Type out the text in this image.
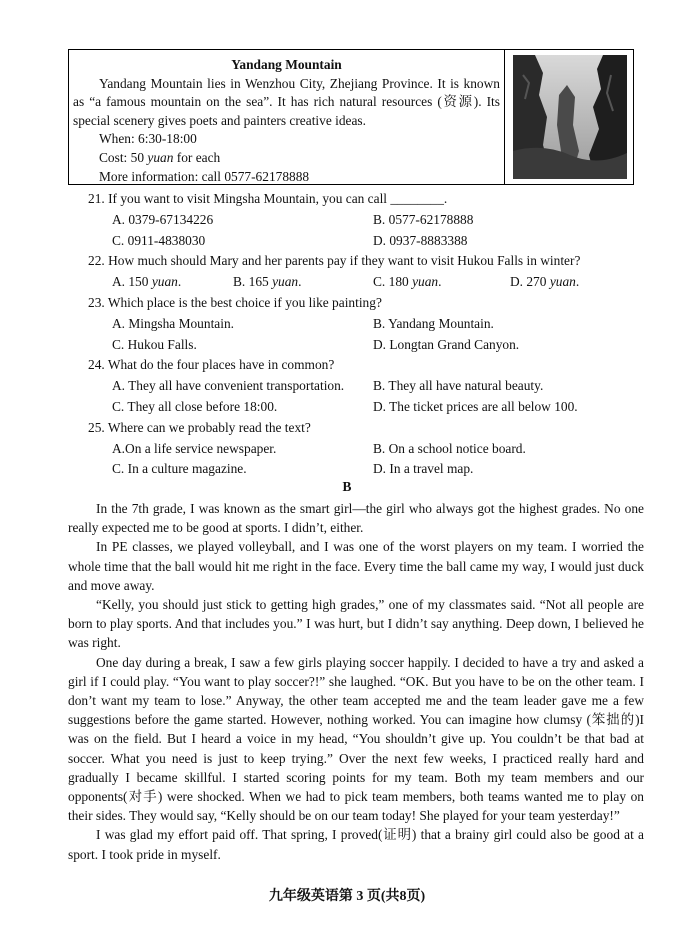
Yandang Mountain
Yandang Mountain lies in Wenzhou City, Zhejiang Province. It is known as “a famous mountain on the sea”. It has rich natural resources (资源). Its special scenery gives poets and painters creative ideas.
When: 6:30-18:00
Cost: 50 yuan for each
More information: call 0577-62178888
21. If you want to visit Mingsha Mountain, you can call ________.
A. 0379-67134226	B. 0577-62178888
C. 0911-4838030	D. 0937-8883388
22. How much should Mary and her parents pay if they want to visit Hukou Falls in winter?
A. 150 yuan.	B. 165 yuan.	C. 180 yuan.	D. 270 yuan.
23. Which place is the best choice if you like painting?
A. Mingsha Mountain.	B. Yandang Mountain.
C. Hukou Falls.	D. Longtan Grand Canyon.
24. What do the four places have in common?
A. They all have convenient transportation. B. They all have natural beauty.
C. They all close before 18:00.	D. The ticket prices are all below 100.
25. Where can we probably read the text?
A.On a life service newspaper.	B. On a school notice board.
C. In a culture magazine.	D. In a travel map.
B

In the 7th grade, I was known as the smart girl—the girl who always got the highest grades. No one really expected me to be good at sports. I didn’t, either.

In PE classes, we played volleyball, and I was one of the worst players on my team. I worried the whole time that the ball would hit me right in the face. Every time the ball came my way, I would just duck and move away.

“Kelly, you should just stick to getting high grades,” one of my classmates said. “Not all people are born to play sports. And that includes you.” I was hurt, but I didn’t say anything. Deep down, I believed he was right.

One day during a break, I saw a few girls playing soccer happily. I decided to have a try and asked a girl if I could play. “You want to play soccer?!” she laughed. “OK. But you have to be on the other team. I don’t want my team to lose.” Anyway, the other team accepted me and the team leader gave me a few suggestions before the game started. However, nothing worked. You can imagine how clumsy (笨拙的)I was on the field. But I heard a voice in my head, “You shouldn’t give up. You couldn’t be that bad at soccer. What you need is just to keep trying.” Over the next few weeks, I practiced really hard and gradually I became skillful. I started scoring points for my team. Both my team members and our opponents(对手) were shocked. When we had to pick team members, both teams wanted me to play on their sides. They would say, “Kelly should be on our team today! She played for your team yesterday!”

I was glad my effort paid off. That spring, I proved(证明) that a brainy girl could also be good at a sport. I took pride in myself.

九年级英语第 3 页(共8页)
